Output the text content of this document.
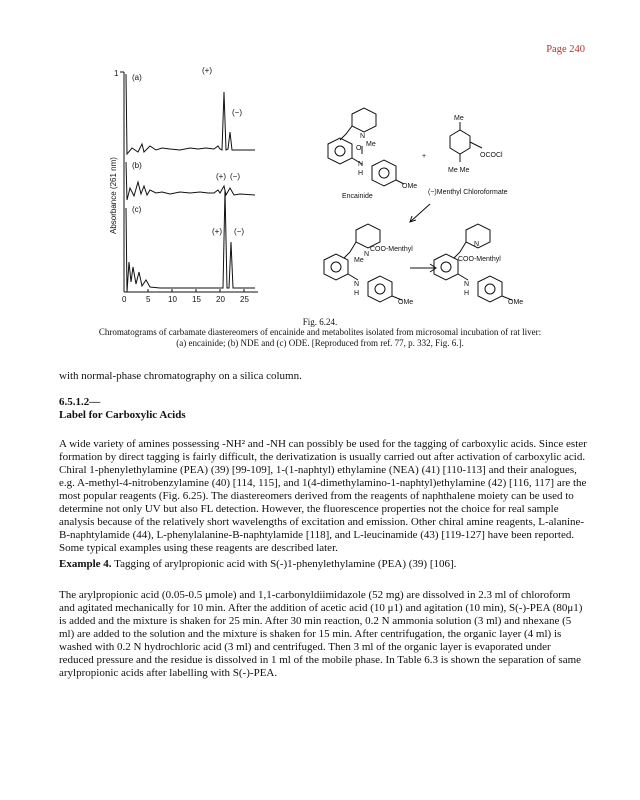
Page 240
1
Absorbance (261 nm)
0 5 10 15 20 25
(a)
(b)
(c)
(+)
(−)
(+) (−)
(+) (−)
N
Me
O
N
H
OMe
Encainide
+
Me
OCOCl
Me Me
(−)Menthyl Chloroformate
N
COO-Menthyl
Me
N
H
OMe
N
COO-Menthyl
N
H
OMe
Fig. 6.24.
Chromatograms of carbamate diastereomers of encainide and metabolites isolated from microsomal incubation of rat liver: (a) encainide; (b) NDE and (c) ODE. [Reproduced from ref. 77, p. 332, Fig. 6.].

with normal-phase chromatography on a silica column.

6.5.1.2—
Label for Carboxylic Acids

A wide variety of amines possessing -NH² and -NH can possibly be used for the tagging of carboxylic acids. Since ester formation by direct tagging is fairly difficult, the derivatization is usually carried out after activation of carboxylic acid. Chiral 1-phenylethylamine (PEA) (39) [99-109], 1-(1-naphtyl) ethylamine (NEA) (41) [110-113] and their analogues, e.g. A-methyl-4-nitrobenzylamine (40) [114, 115], and 1(4-dimethylamino-1-naphtyl)ethylamine (42) [116, 117] are the most popular reagents (Fig. 6.25). The diastereomers derived from the reagents of naphthalene moiety can be used to determine not only UV but also FL detection. However, the fluorescence properties not the choice for real sample analysis because of the relatively short wavelengths of excitation and emission. Other chiral amine reagents, L-alanine-B-naphtylamide (44), L-phenylalanine-B-naphtylamide [118], and L-leucinamide (43) [119-127] have been reported. Some typical examples using these reagents are described later.

Example 4. Tagging of arylpropionic acid with S(-)1-phenylethylamine (PEA) (39) [106].

The arylpropionic acid (0.05-0.5 μmole) and 1,1-carbonyldiimidazole (52 mg) are dissolved in 2.3 ml of chloroform and agitated mechanically for 10 min. After the addition of acetic acid (10 μ1) and agitation (10 min), S(-)-PEA (80μ1) is added and the mixture is shaken for 25 min. After 30 min reaction, 0.2 N ammonia solution (3 ml) and nhexane (5 ml) are added to the solution and the mixture is shaken for 15 min. After centrifugation, the organic layer (4 ml) is washed with 0.2 N hydrochloric acid (3 ml) and centrifuged. Then 3 ml of the organic layer is evaporated under reduced pressure and the residue is dissolved in 1 ml of the mobile phase. In Table 6.3 is shown the separation of same arylpropionic acids after labelling with S(-)-PEA.
